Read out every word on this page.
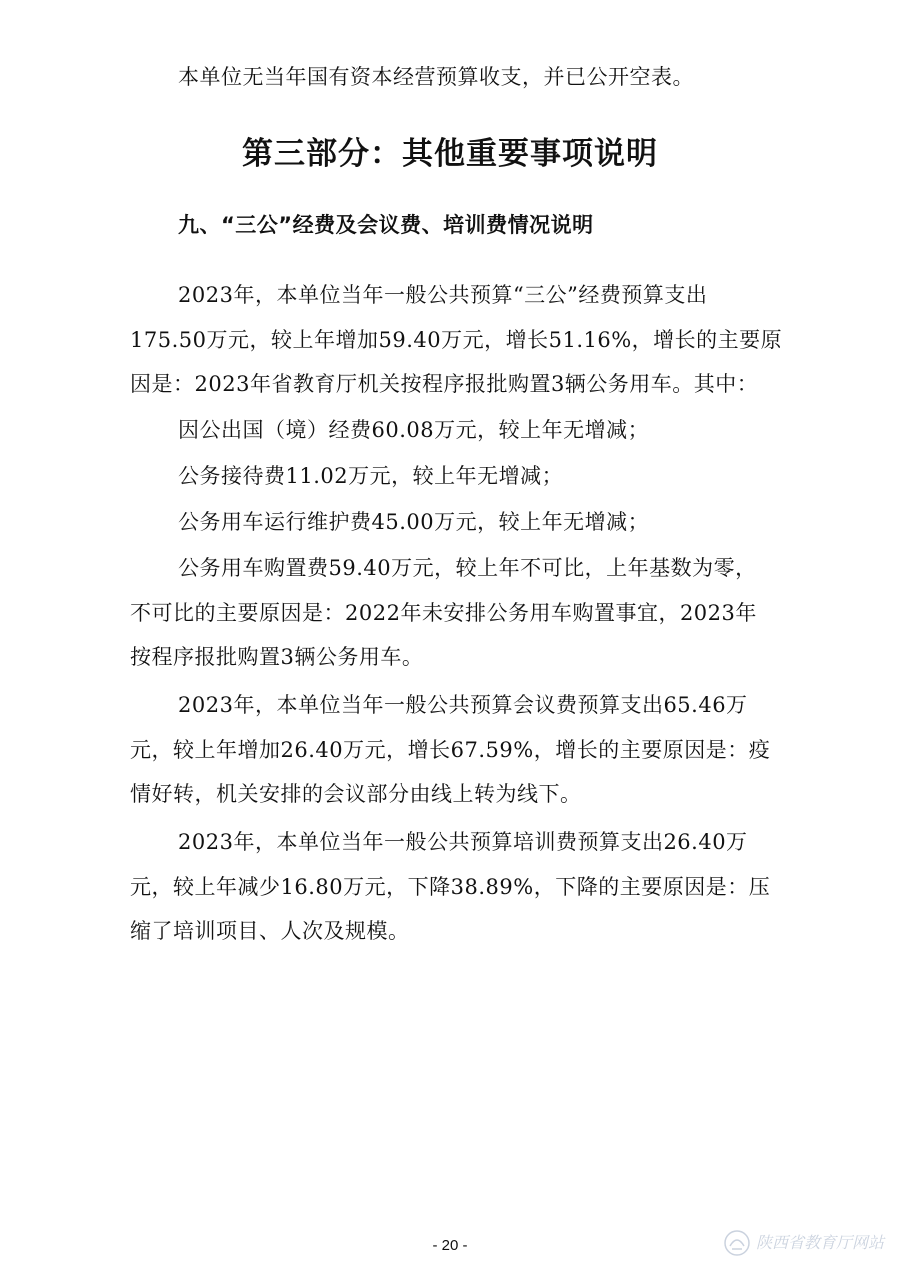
本单位无当年国有资本经营预算收支，并已公开空表。

第三部分：其他重要事项说明
九、“三公”经费及会议费、培训费情况说明

2023年，本单位当年一般公共预算“三公”经费预算支出

175.50万元，较上年增加59.40万元，增长51.16%，增长的主要原

因是：2023年省教育厅机关按程序报批购置3辆公务用车。其中：

因公出国（境）经费60.08万元，较上年无增减；

公务接待费11.02万元，较上年无增减；

公务用车运行维护费45.00万元，较上年无增减；

公务用车购置费59.40万元，较上年不可比，上年基数为零，

不可比的主要原因是：2022年未安排公务用车购置事宜，2023年

按程序报批购置3辆公务用车。

2023年，本单位当年一般公共预算会议费预算支出65.46万

元，较上年增加26.40万元，增长67.59%，增长的主要原因是：疫

情好转，机关安排的会议部分由线上转为线下。

2023年，本单位当年一般公共预算培训费预算支出26.40万

元，较上年减少16.80万元，下降38.89%，下降的主要原因是：压

缩了培训项目、人次及规模。

- 20 -	陕西省教育厅网站
